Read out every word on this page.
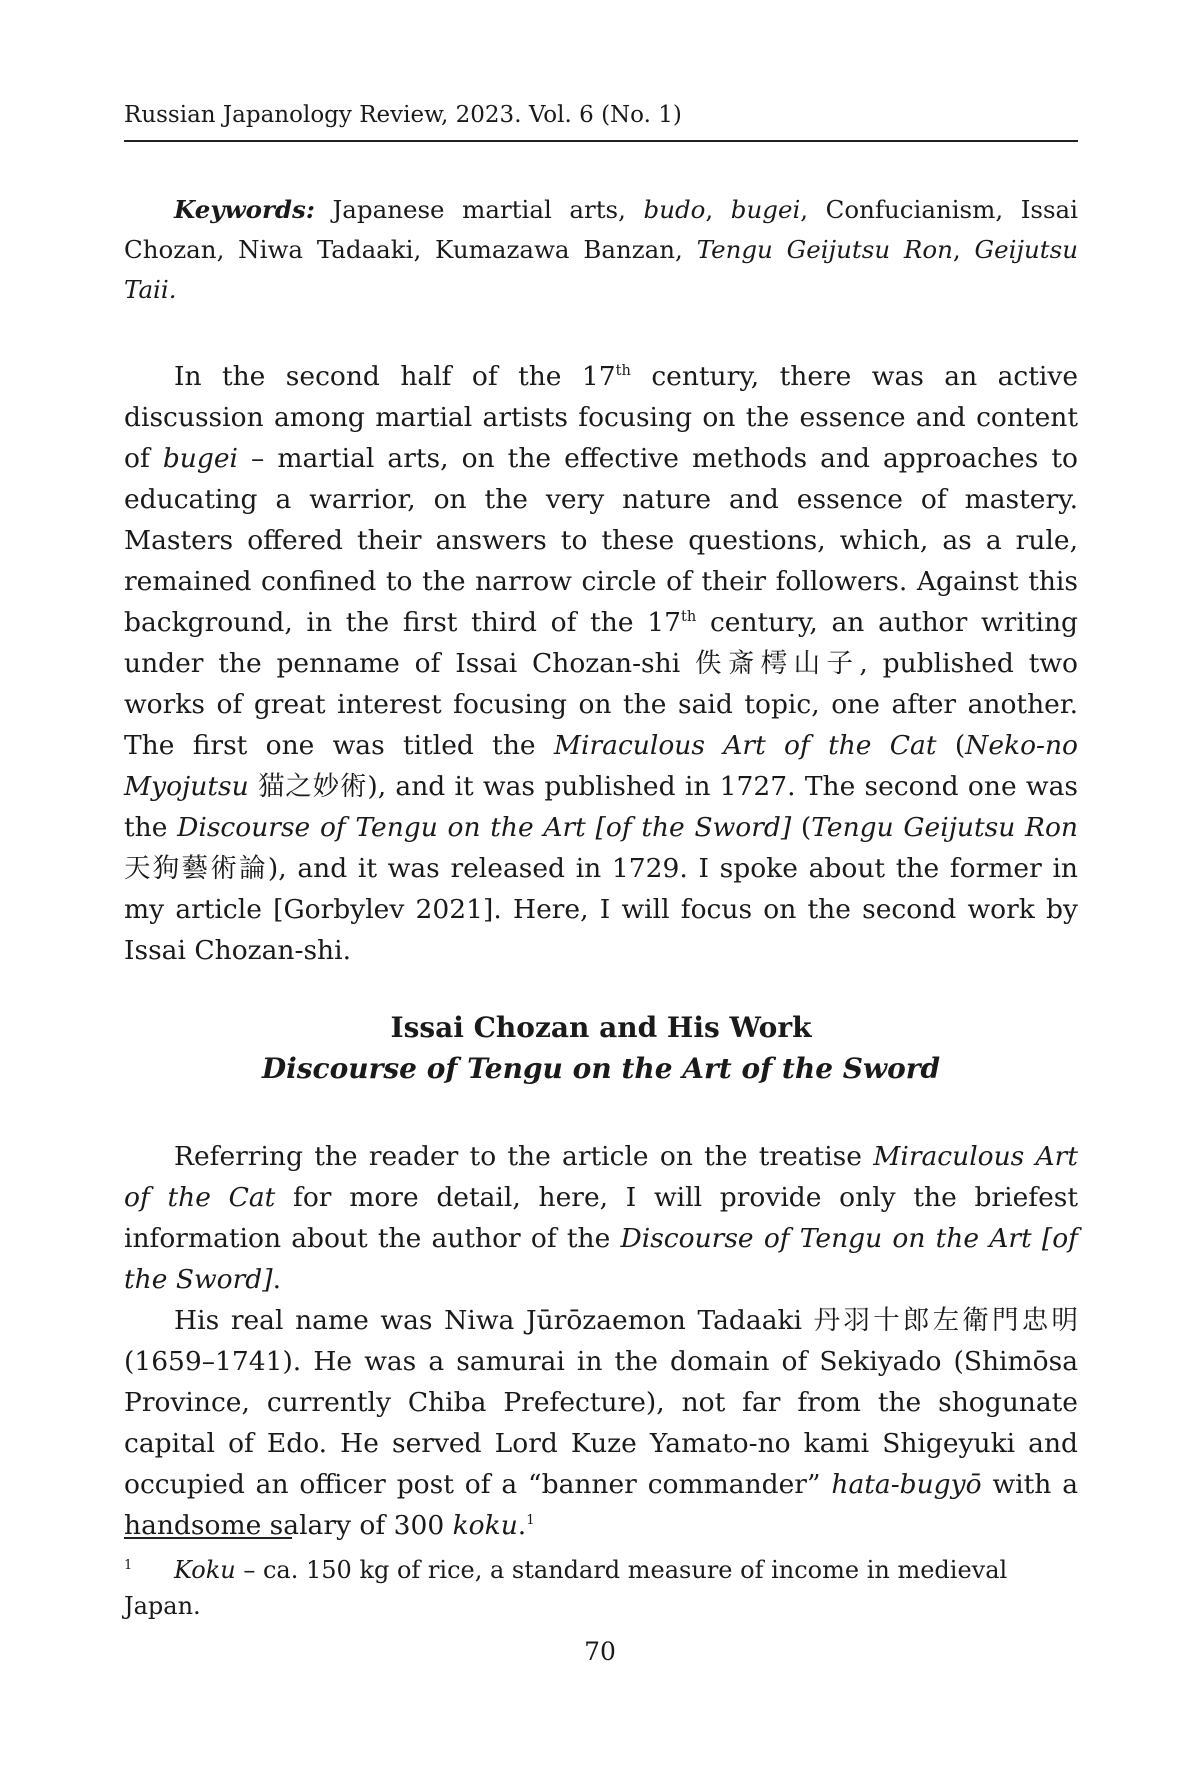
Russian Japanology Review, 2023. Vol. 6 (No. 1)

Keywords: Japanese martial arts, budo, bugei, Confucianism, Issai Chozan, Niwa Tadaaki, Kumazawa Banzan, Tengu Geijutsu Ron, Geijutsu Taii.

In the second half of the 17th century, there was an active discussion among martial artists focusing on the essence and content of bugei – martial arts, on the effective methods and approaches to educating a warrior, on the very nature and essence of mastery. Masters offered their answers to these questions, which, as a rule, remained confined to the narrow circle of their followers. Against this background, in the first third of the 17th century, an author writing under the penname of Issai Chozan-shi 佚斎樗山子, published two works of great interest focusing on the said topic, one after another. The first one was titled the Miraculous Art of the Cat (Neko-no Myojutsu 猫之妙術), and it was published in 1727. The second one was the Discourse of Tengu on the Art [of the Sword] (Tengu Geijutsu Ron 天狗藝術論), and it was released in 1729. I spoke about the former in my article [Gorbylev 2021]. Here, I will focus on the second work by Issai Chozan-shi.

Issai Chozan and His Work
Discourse of Tengu on the Art of the Sword

Referring the reader to the article on the treatise Miraculous Art of the Cat for more detail, here, I will provide only the briefest information about the author of the Discourse of Tengu on the Art [of the Sword].

His real name was Niwa Jūrōzaemon Tadaaki 丹羽十郎左衛門忠明 (1659–1741). He was a samurai in the domain of Sekiyado (Shimōsa Province, currently Chiba Prefecture), not far from the shogunate capital of Edo. He served Lord Kuze Yamato-no kami Shigeyuki and occupied an officer post of a “banner commander” hata-bugyō with a handsome salary of 300 koku.$^1$

1 Koku – ca. 150 kg of rice, a standard measure of income in medieval Japan.
70
